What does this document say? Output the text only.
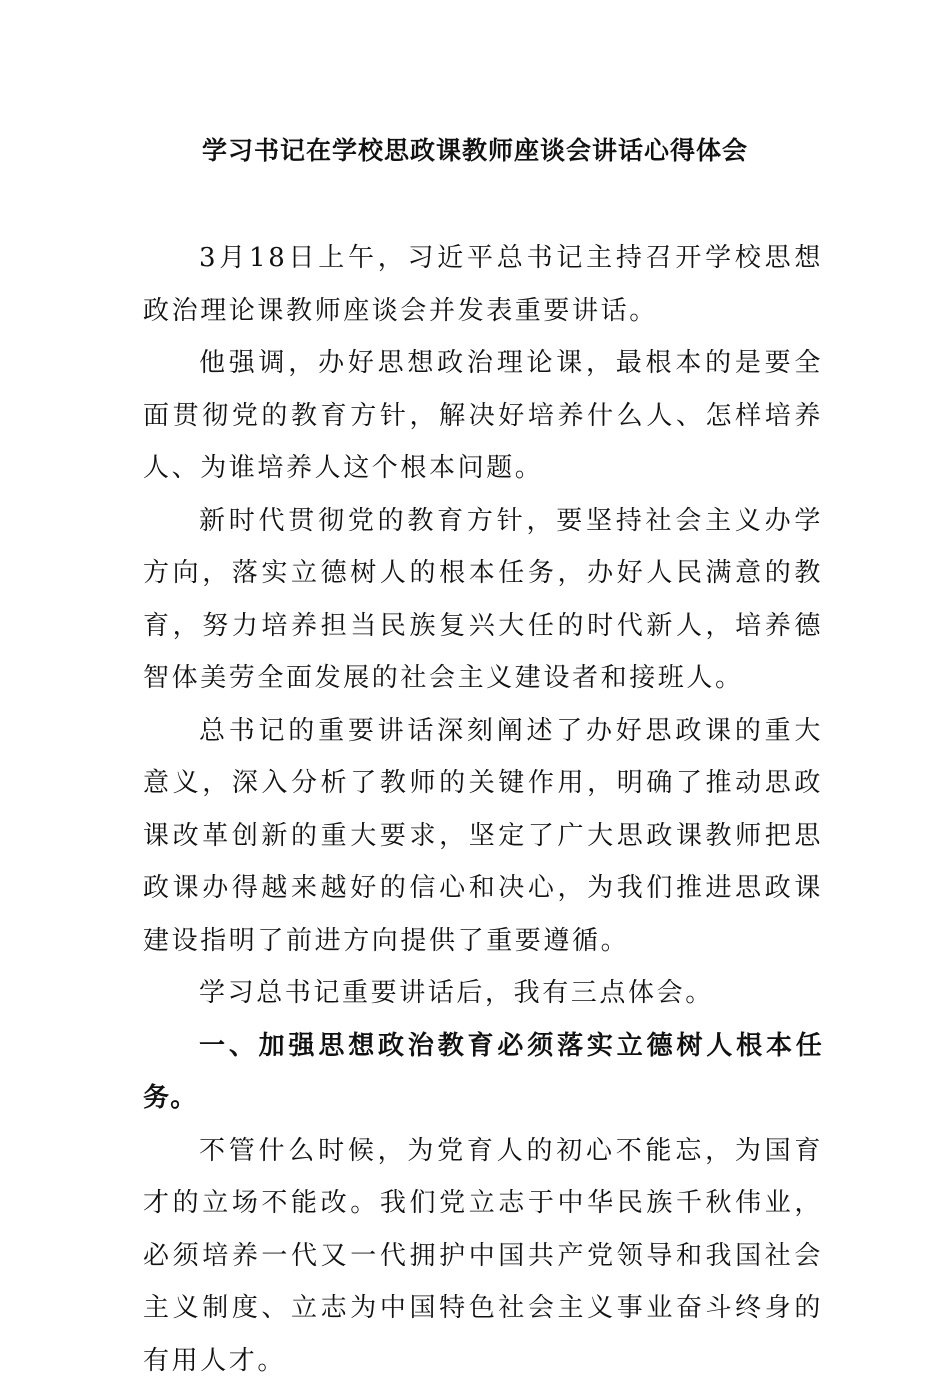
学习书记在学校思政课教师座谈会讲话心得体会

3月18日上午，习近平总书记主持召开学校思想政治理论课教师座谈会并发表重要讲话。

他强调，办好思想政治理论课，最根本的是要全面贯彻党的教育方针，解决好培养什么人、怎样培养人、为谁培养人这个根本问题。

新时代贯彻党的教育方针，要坚持社会主义办学方向，落实立德树人的根本任务，办好人民满意的教育，努力培养担当民族复兴大任的时代新人，培养德智体美劳全面发展的社会主义建设者和接班人。

总书记的重要讲话深刻阐述了办好思政课的重大意义，深入分析了教师的关键作用，明确了推动思政课改革创新的重大要求，坚定了广大思政课教师把思政课办得越来越好的信心和决心，为我们推进思政课建设指明了前进方向提供了重要遵循。

学习总书记重要讲话后，我有三点体会。

一、加强思想政治教育必须落实立德树人根本任务。

不管什么时候，为党育人的初心不能忘，为国育才的立场不能改。我们党立志于中华民族千秋伟业，必须培养一代又一代拥护中国共产党领导和我国社会主义制度、立志为中国特色社会主义事业奋斗终身的有用人才。
